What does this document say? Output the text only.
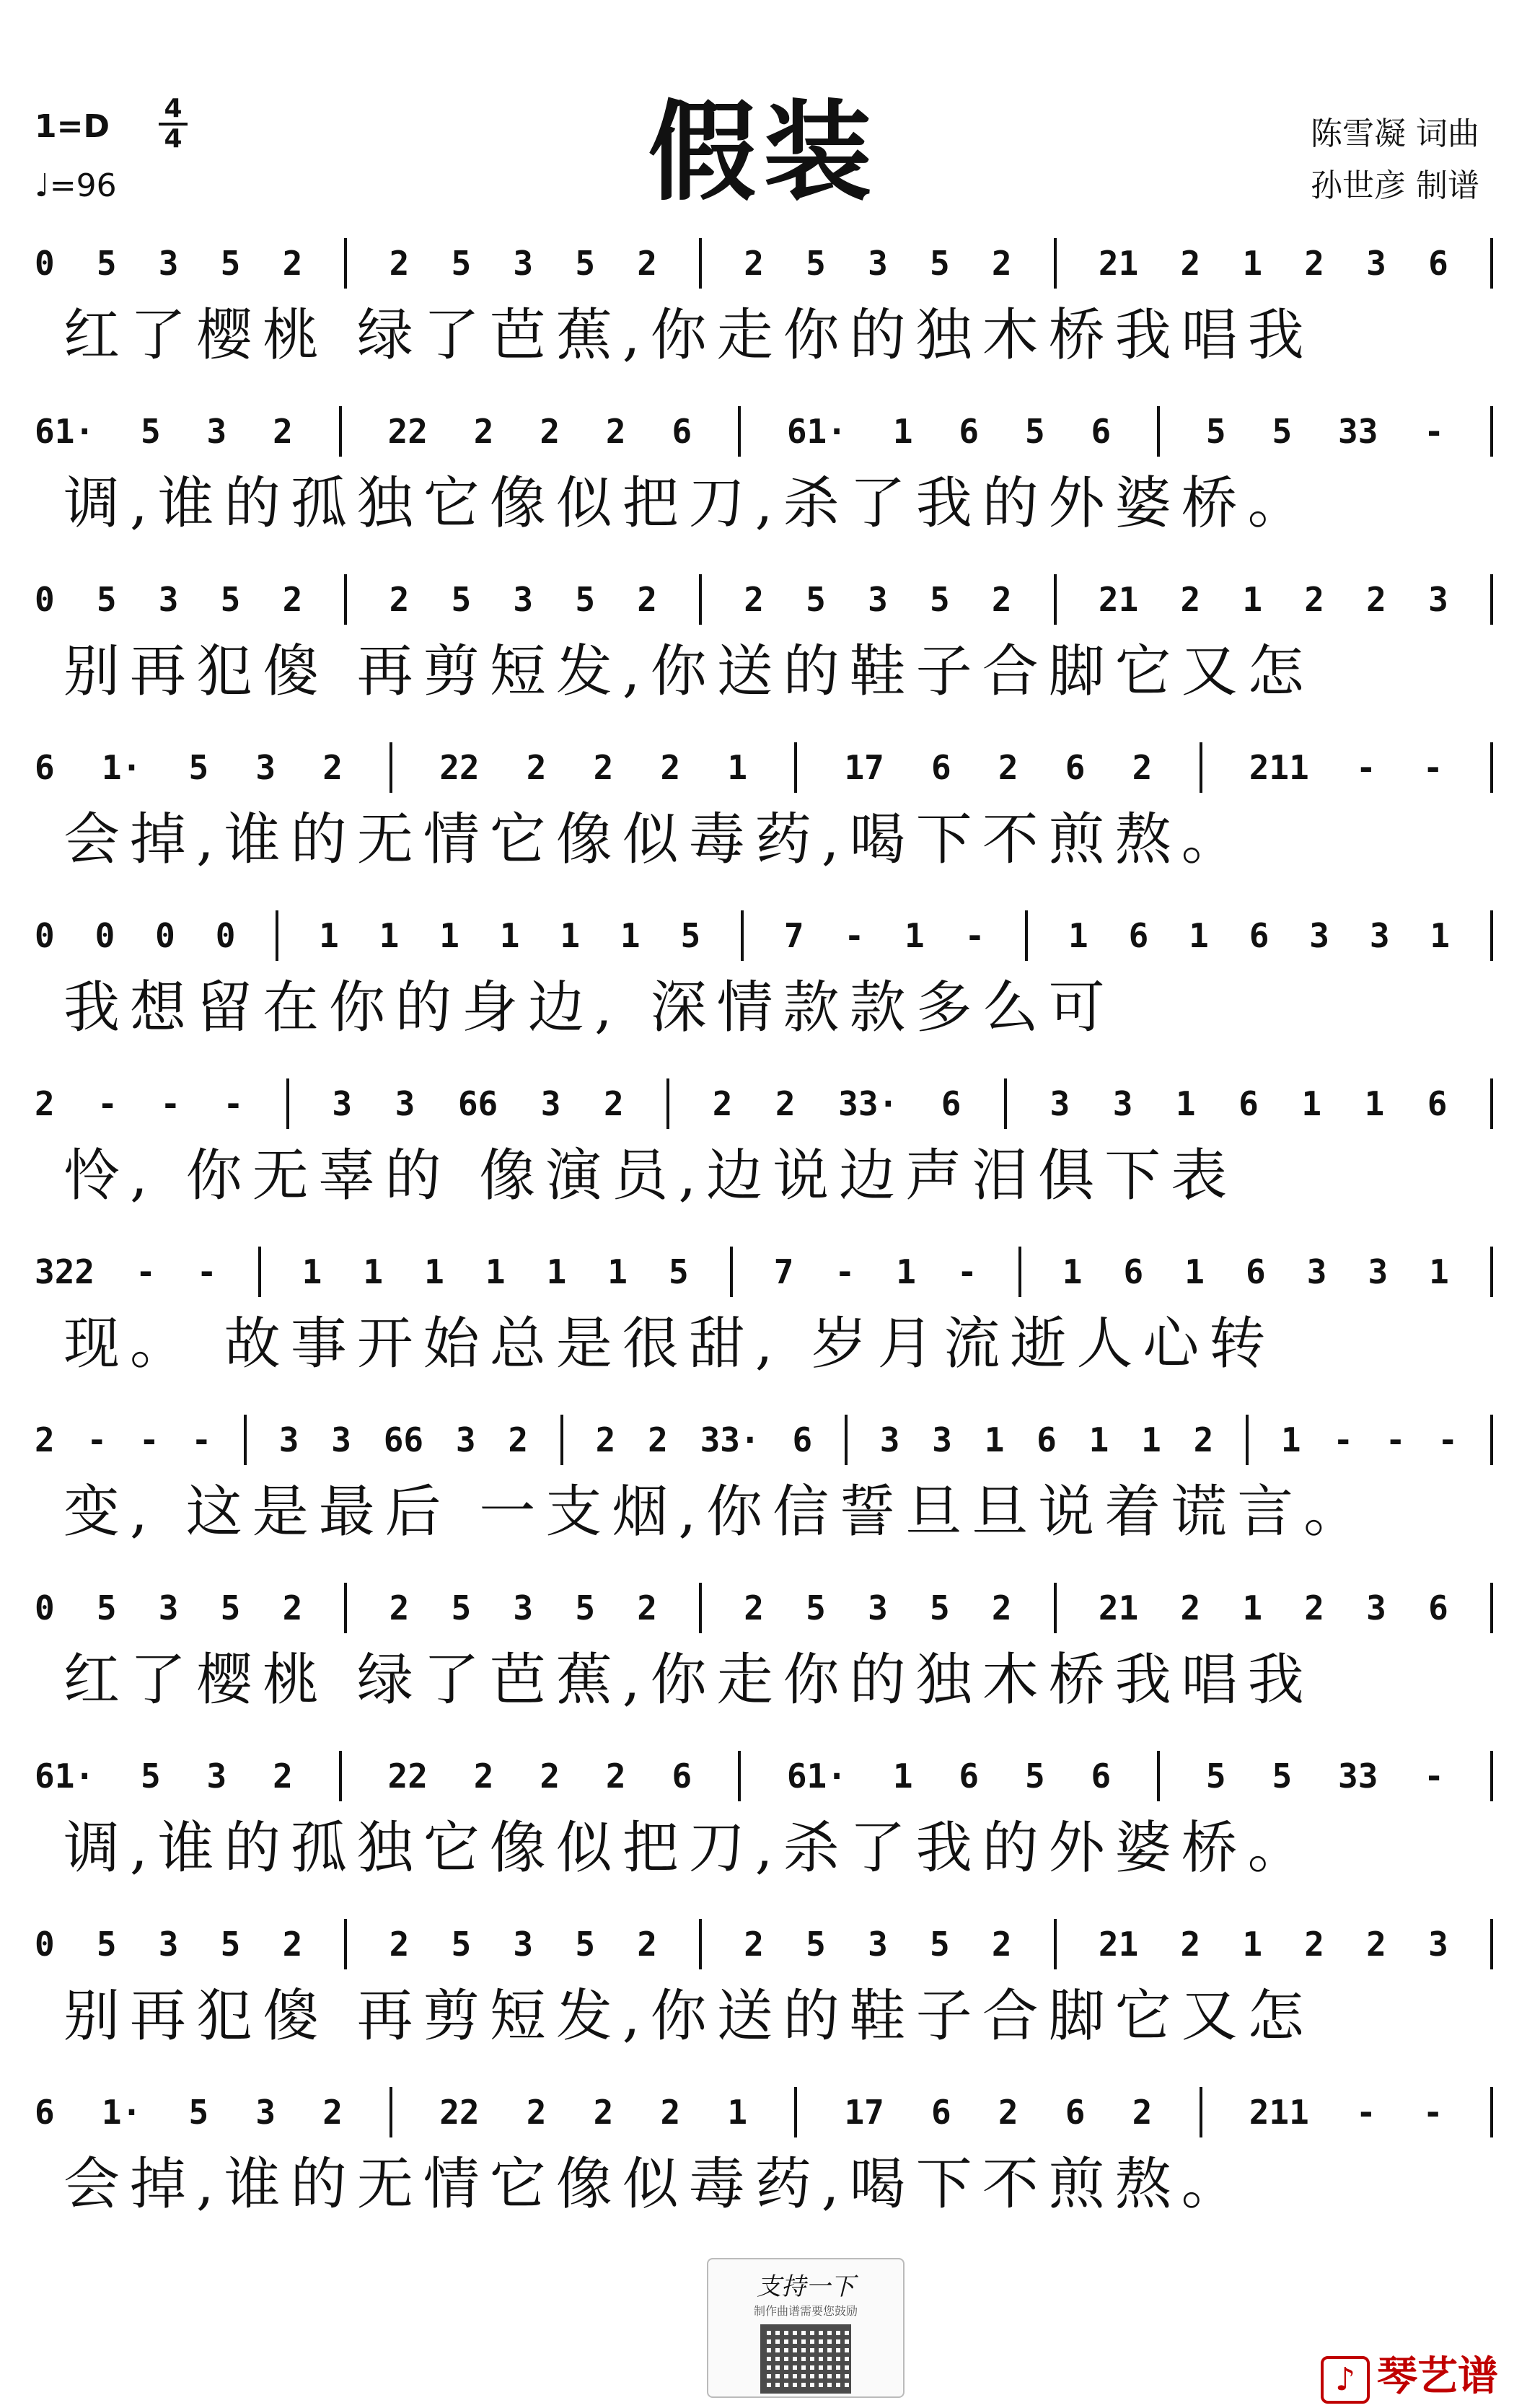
$1=D \frac{4}{4}$
♩=96	假装	陈雪凝 词曲
孙世彦 制谱
0 5 3 5 2	2 5 3 5 2	2 5 3 5 2	21 2 1 2 3 6
红了樱桃 绿了芭蕉,你走你的独木桥我唱我
61· 5 3 2	22 2 2 2 6	61· 1 6 5 6	5 5 33 -
调,谁的孤独它像似把刀,杀了我的外婆桥。
0 5 3 5 2	2 5 3 5 2	2 5 3 5 2	21 2 1 2 2 3
别再犯傻 再剪短发,你送的鞋子合脚它又怎
6 1· 5 3 2	22 2 2 2 1	17 6 2 6 2	211 - -
会掉,谁的无情它像似毒药,喝下不煎熬。
0 0 0 0	1 1 1 1 1 1 5	7 - 1 -	1 6 1 6 3 3 1
我想留在你的身边, 深情款款多么可
2 - - -	3 3 66 3 2	2 2 33· 6	3 3 1 6 1 1 6
怜, 你无辜的 像演员,边说边声泪俱下表
322 - -	1 1 1 1 1 1 5	7 - 1 -	1 6 1 6 3 3 1
现。 故事开始总是很甜, 岁月流逝人心转
2 - - - 3 3 66 3 2 2 2 33· 6 3 3 1 6 1 1 2 1 - - -
变, 这是最后 一支烟,你信誓旦旦说着谎言。
0 5 3 5 2	2 5 3 5 2	2 5 3 5 2	21 2 1 2 3 6
红了樱桃 绿了芭蕉,你走你的独木桥我唱我
61· 5 3 2	22 2 2 2 6	61· 1 6 5 6	5 5 33 -
调,谁的孤独它像似把刀,杀了我的外婆桥。
0 5 3 5 2	2 5 3 5 2	2 5 3 5 2	21 2 1 2 2 3
别再犯傻 再剪短发,你送的鞋子合脚它又怎
6 1· 5 3 2	22 2 2 2 1	17 6 2 6 2	211 - -
会掉,谁的无情它像似毒药,喝下不煎熬。
支持一下
制作曲谱需要您鼓励
♪ 琴艺谱
